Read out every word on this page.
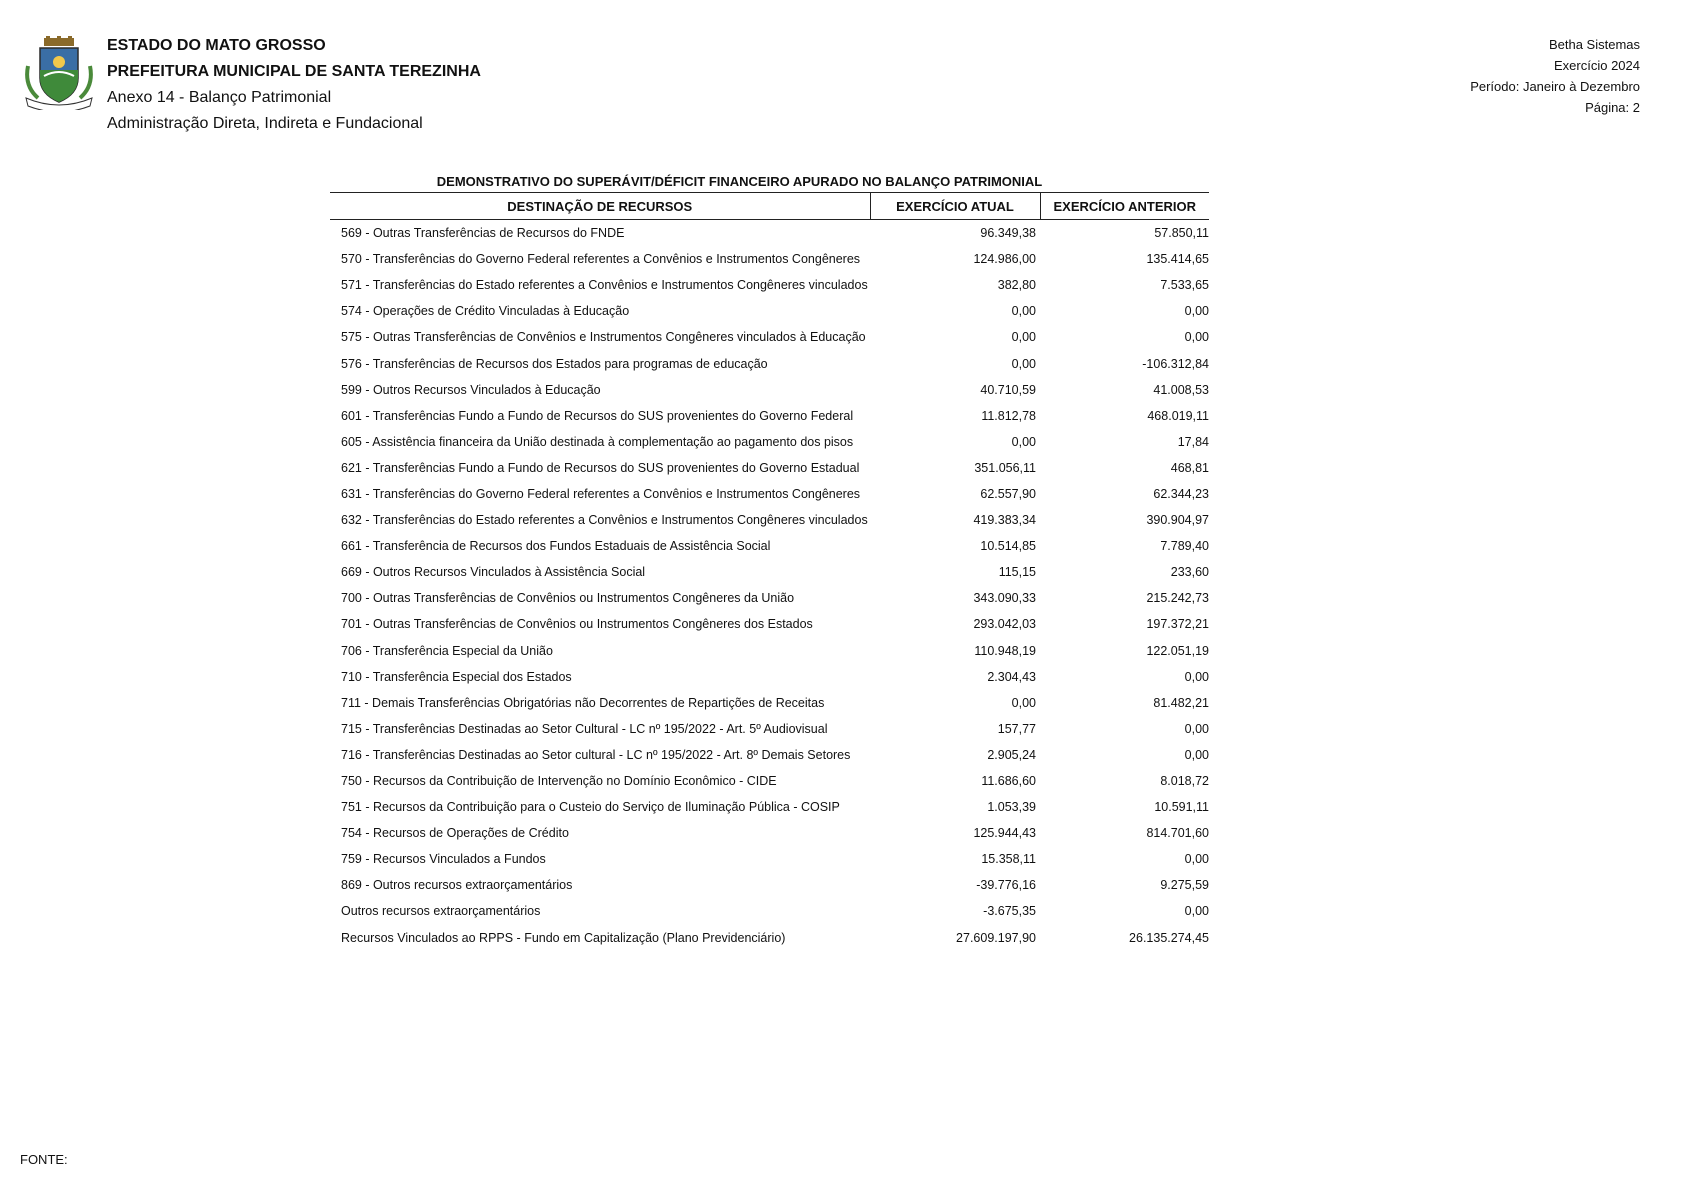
ESTADO DO MATO GROSSO
PREFEITURA MUNICIPAL DE SANTA TEREZINHA
Anexo 14 - Balanço Patrimonial
Administração Direta, Indireta e Fundacional
Betha Sistemas
Exercício 2024
Período: Janeiro à Dezembro
Página: 2
DEMONSTRATIVO DO SUPERÁVIT/DÉFICIT FINANCEIRO APURADO NO BALANÇO PATRIMONIAL
DESTINAÇÃO DE RECURSOS	EXERCÍCIO ATUAL	EXERCÍCIO ANTERIOR
569 - Outras Transferências de Recursos do FNDE	96.349,38	57.850,11
570 - Transferências do Governo Federal referentes a Convênios e Instrumentos Congêneres	124.986,00	135.414,65
571 - Transferências do Estado referentes a Convênios e Instrumentos Congêneres vinculados	382,80	7.533,65
574 - Operações de Crédito Vinculadas à Educação	0,00	0,00
575 - Outras Transferências de Convênios e Instrumentos Congêneres vinculados à Educação	0,00	0,00
576 - Transferências de Recursos dos Estados para programas de educação	0,00	-106.312,84
599 - Outros Recursos Vinculados à Educação	40.710,59	41.008,53
601 - Transferências Fundo a Fundo de Recursos do SUS provenientes do Governo Federal	11.812,78	468.019,11
605 - Assistência financeira da União destinada à complementação ao pagamento dos pisos	0,00	17,84
621 - Transferências Fundo a Fundo de Recursos do SUS provenientes do Governo Estadual	351.056,11	468,81
631 - Transferências do Governo Federal referentes a Convênios e Instrumentos Congêneres	62.557,90	62.344,23
632 - Transferências do Estado referentes a Convênios e Instrumentos Congêneres vinculados	419.383,34	390.904,97
661 - Transferência de Recursos dos Fundos Estaduais de Assistência Social	10.514,85	7.789,40
669 - Outros Recursos Vinculados à Assistência Social	115,15	233,60
700 - Outras Transferências de Convênios ou Instrumentos Congêneres da União	343.090,33	215.242,73
701 - Outras Transferências de Convênios ou Instrumentos Congêneres dos Estados	293.042,03	197.372,21
706 - Transferência Especial da União	110.948,19	122.051,19
710 - Transferência Especial dos Estados	2.304,43	0,00
711 - Demais Transferências Obrigatórias não Decorrentes de Repartições de Receitas	0,00	81.482,21
715 - Transferências Destinadas ao Setor Cultural - LC nº 195/2022 - Art. 5º Audiovisual	157,77	0,00
716 - Transferências Destinadas ao Setor cultural - LC nº 195/2022 - Art. 8º Demais Setores	2.905,24	0,00
750 - Recursos da Contribuição de Intervenção no Domínio Econômico - CIDE	11.686,60	8.018,72
751 - Recursos da Contribuição para o Custeio do Serviço de Iluminação Pública - COSIP	1.053,39	10.591,11
754 - Recursos de Operações de Crédito	125.944,43	814.701,60
759 - Recursos Vinculados a Fundos	15.358,11	0,00
869 - Outros recursos extraorçamentários	-39.776,16	9.275,59
Outros recursos extraorçamentários	-3.675,35	0,00
Recursos Vinculados ao RPPS - Fundo em Capitalização (Plano Previdenciário)	27.609.197,90	26.135.274,45
FONTE:
